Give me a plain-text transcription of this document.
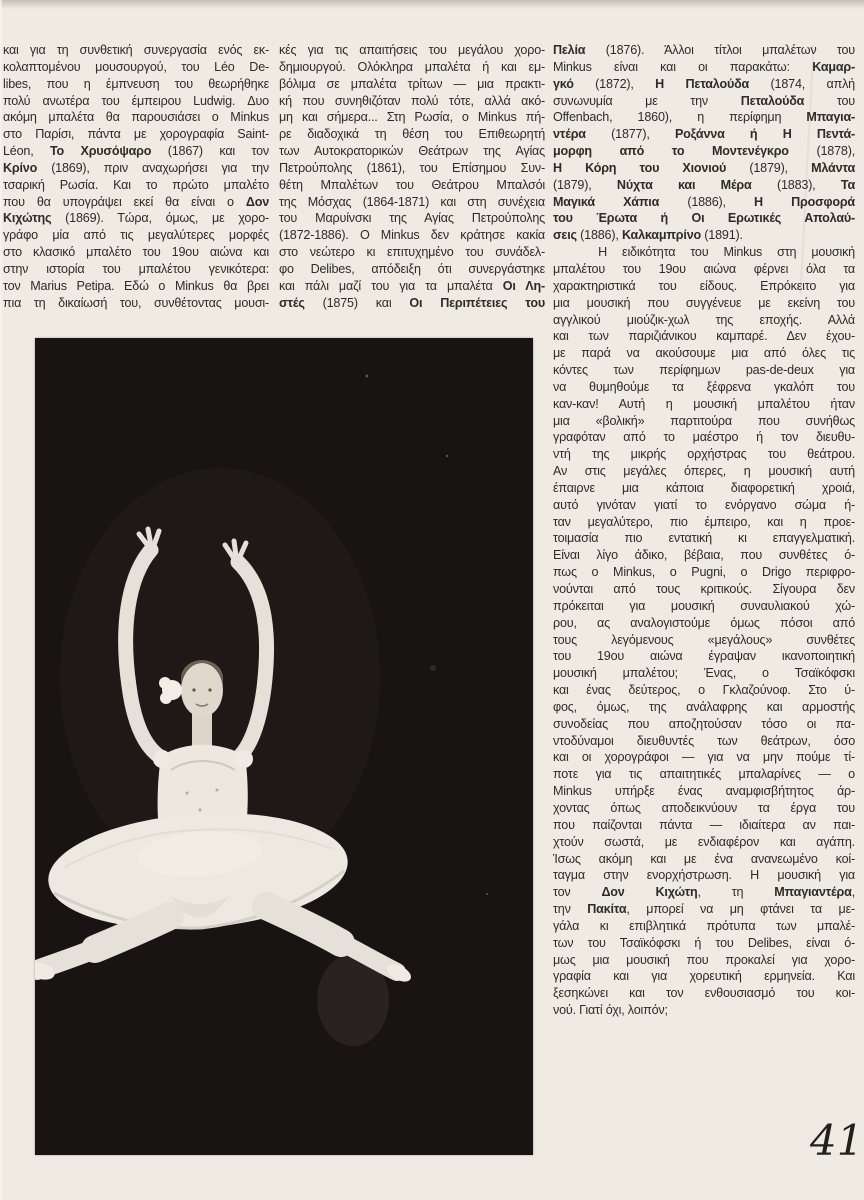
και για τη συνθετική συνεργασία ενός εκ-
κολαπτομένου μουσουργού, του Léo De-
libes, που η έμπνευση του θεωρήθηκε
πολύ ανωτέρα του έμπειρου Ludwig. Δυο
ακόμη μπαλέτα θα παρουσιάσει ο Minkus
στο Παρίσι, πάντα με χορογραφία Saint-
Léon, Το Χρυσόψαρο (1867) και τον
Κρίνο (1869), πριν αναχωρήσει για την
τσαρική Ρωσία. Και το πρώτο μπαλέτο
που θα υπογράψει εκεί θα είναι ο Δον
Κιχώτης (1869). Τώρα, όμως, με χορο-
γράφο μία από τις μεγαλύτερες μορφές
στο κλασικό μπαλέτο του 19ου αιώνα και
στην ιστορία του μπαλέτου γενικότερα:
τον Marius Petipa. Εδώ ο Minkus θα βρει
πια τη δικαίωσή του, συνθέτοντας μουσι-
κές για τις απαιτήσεις του μεγάλου χορο-
δημιουργού. Ολόκληρα μπαλέτα ή και εμ-
βόλιμα σε μπαλέτα τρίτων — μια πρακτι-
κή που συνηθιζόταν πολύ τότε, αλλά ακό-
μη και σήμερα... Στη Ρωσία, ο Minkus πή-
ρε διαδοχικά τη θέση του Επιθεωρητή
των Αυτοκρατορικών Θεάτρων της Αγίας
Πετρούπολης (1861), του Επίσημου Συν-
θέτη Μπαλέτων του Θεάτρου Μπαλσόι
της Μόσχας (1864-1871) και στη συνέχεια
του Μαρυίνσκι της Αγίας Πετρούπολης
(1872-1886). Ο Minkus δεν κράτησε κακία
στο νεώτερο κι επιτυχημένο του συνάδελ-
φο Delibes, απόδειξη ότι συνεργάστηκε
και πάλι μαζί του για τα μπαλέτα Οι Λη-
στές (1875) και Οι Περιπέτειες του
Πελία (1876). Άλλοι τίτλοι μπαλέτων του
Minkus είναι και οι παρακάτω: Καμαρ-
γκό (1872), Η Πεταλούδα (1874, απλή
συνωνυμία με την Πεταλούδα του
Offenbach, 1860), η περίφημη Μπαγια-
ντέρα (1877), Ροξάννα ή Η Πεντά-
μορφη από το Μοντενέγκρο (1878),
Η Κόρη του Χιονιού (1879), Μλάντα
(1879), Νύχτα και Μέρα (1883), Τα
Μαγικά Χάπια (1886), Η Προσφορά
του Έρωτα ή Οι Ερωτικές Απολαύ-
σεις (1886), Καλκαμπρίνο (1891).
Η ειδικότητα του Minkus στη μουσική
μπαλέτου του 19ου αιώνα φέρνει όλα τα
χαρακτηριστικά του είδους. Επρόκειτο για
μια μουσική που συγγένευε με εκείνη του
αγγλικού μιούζικ-χωλ της εποχής. Αλλά
και των παριζιάνικου καμπαρέ. Δεν έχου-
με παρά να ακούσουμε μια από όλες τις
κόντες των περίφημων pas-de-deux για
να θυμηθούμε τα ξέφρενα γκαλόπ του
καν-καν! Αυτή η μουσική μπαλέτου ήταν
μια «βολική» παρτιτούρα που συνήθως
γραφόταν από το μαέστρο ή τον διευθυ-
ντή της μικρής ορχήστρας του θεάτρου.
Αν στις μεγάλες όπερες, η μουσική αυτή
έπαιρνε μια κάποια διαφορετική χροιά,
αυτό γινόταν γιατί το ενόργανο σώμα ή-
ταν μεγαλύτερο, πιο έμπειρο, και η προε-
τοιμασία πιο εντατική κι επαγγελματική.
Είναι λίγο άδικο, βέβαια, που συνθέτες ό-
πως ο Minkus, ο Pugni, ο Drigo περιφρο-
νούνται από τους κριτικούς. Σίγουρα δεν
πρόκειται για μουσική συναυλιακού χώ-
ρου, ας αναλογιστούμε όμως πόσοι από
τους λεγόμενους «μεγάλους» συνθέτες
του 19ου αιώνα έγραψαν ικανοποιητική
μουσική μπαλέτου; Ένας, ο Τσαϊκόφσκι
και ένας δεύτερος, ο Γκλαζούνοφ. Στο ύ-
φος, όμως, της ανάλαφρης και αρμοστής
συνοδείας που αποζητούσαν τόσο οι πα-
ντοδύναμοι διευθυντές των θεάτρων, όσο
και οι χορογράφοι — για να μην πούμε τί-
ποτε για τις απαιτητικές μπαλαρίνες — ο
Minkus υπήρξε ένας αναμφισβήτητος άρ-
χοντας όπως αποδεικνύουν τα έργα του
που παίζονται πάντα — ιδιαίτερα αν παι-
χτούν σωστά, με ενδιαφέρον και αγάπη.
Ίσως ακόμη και με ένα ανανεωμένο κοί-
ταγμα στην ενορχήστρωση. Η μουσική για
τον Δον Κιχώτη, τη Μπαγιαντέρα,
την Πακίτα, μπορεί να μη φτάνει τα με-
γάλα κι επιβλητικά πρότυπα των μπαλέ-
των του Τσαϊκόφσκι ή του Delibes, είναι ό-
μως μια μουσική που προκαλεί για χορο-
γραφία και για χορευτική ερμηνεία. Και
ξεσηκώνει και τον ενθουσιασμό του κοι-
νού. Γιατί όχι, λοιπόν;
41
